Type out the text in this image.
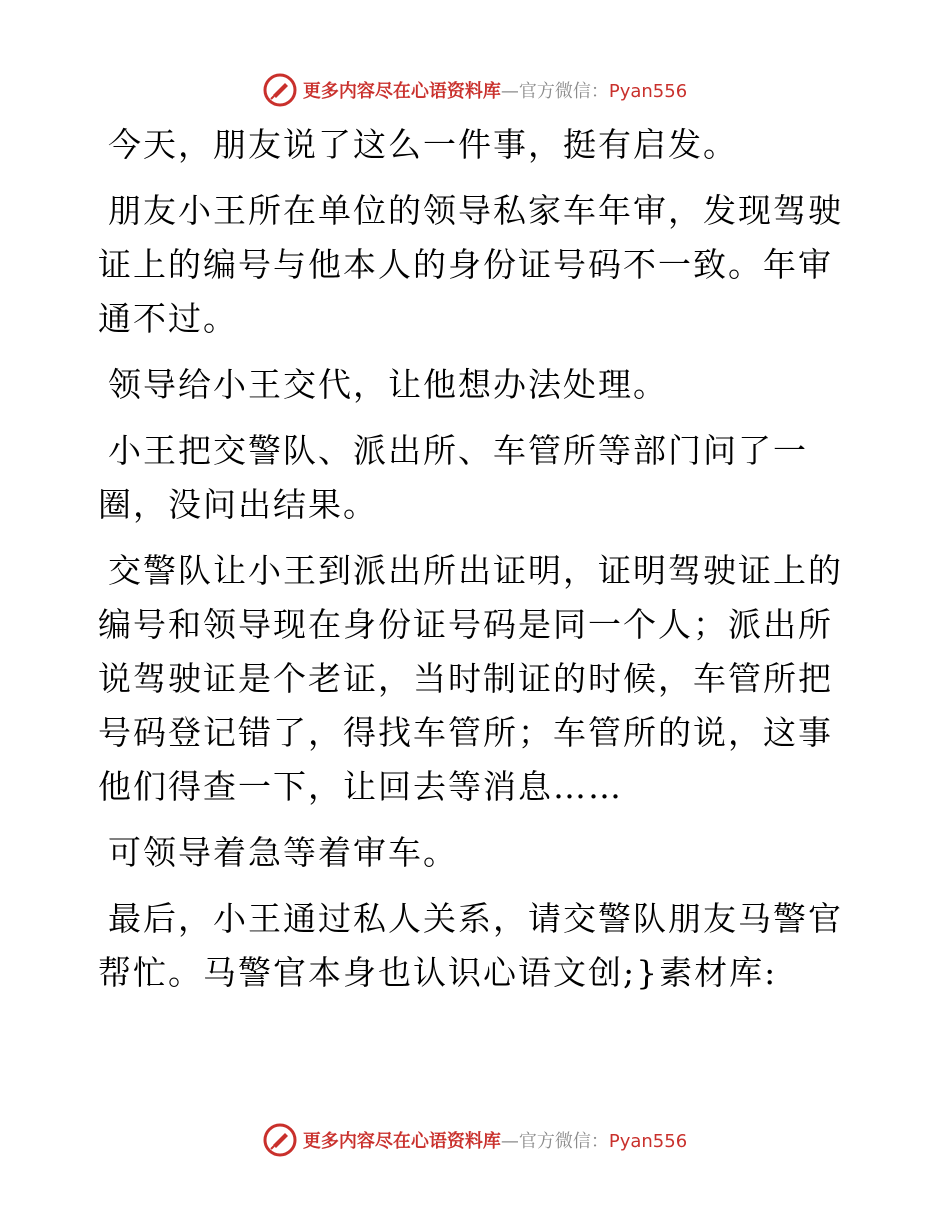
更多内容尽在心语资料库—官方微信：Pyan556

今天，朋友说了这么一件事，挺有启发。

朋友小王所在单位的领导私家车年审，发现驾驶证上的编号与他本人的身份证号码不一致。年审通不过。

领导给小王交代，让他想办法处理。

小王把交警队、派出所、车管所等部门问了一圈，没问出结果。

交警队让小王到派出所出证明，证明驾驶证上的编号和领导现在身份证号码是同一个人；派出所说驾驶证是个老证，当时制证的时候，车管所把号码登记错了，得找车管所；车管所的说，这事他们得查一下，让回去等消息……

可领导着急等着审车。

最后，小王通过私人关系，请交警队朋友马警官帮忙。马警官本身也认识心语文创;}素材库:

更多内容尽在心语资料库—官方微信：Pyan556
